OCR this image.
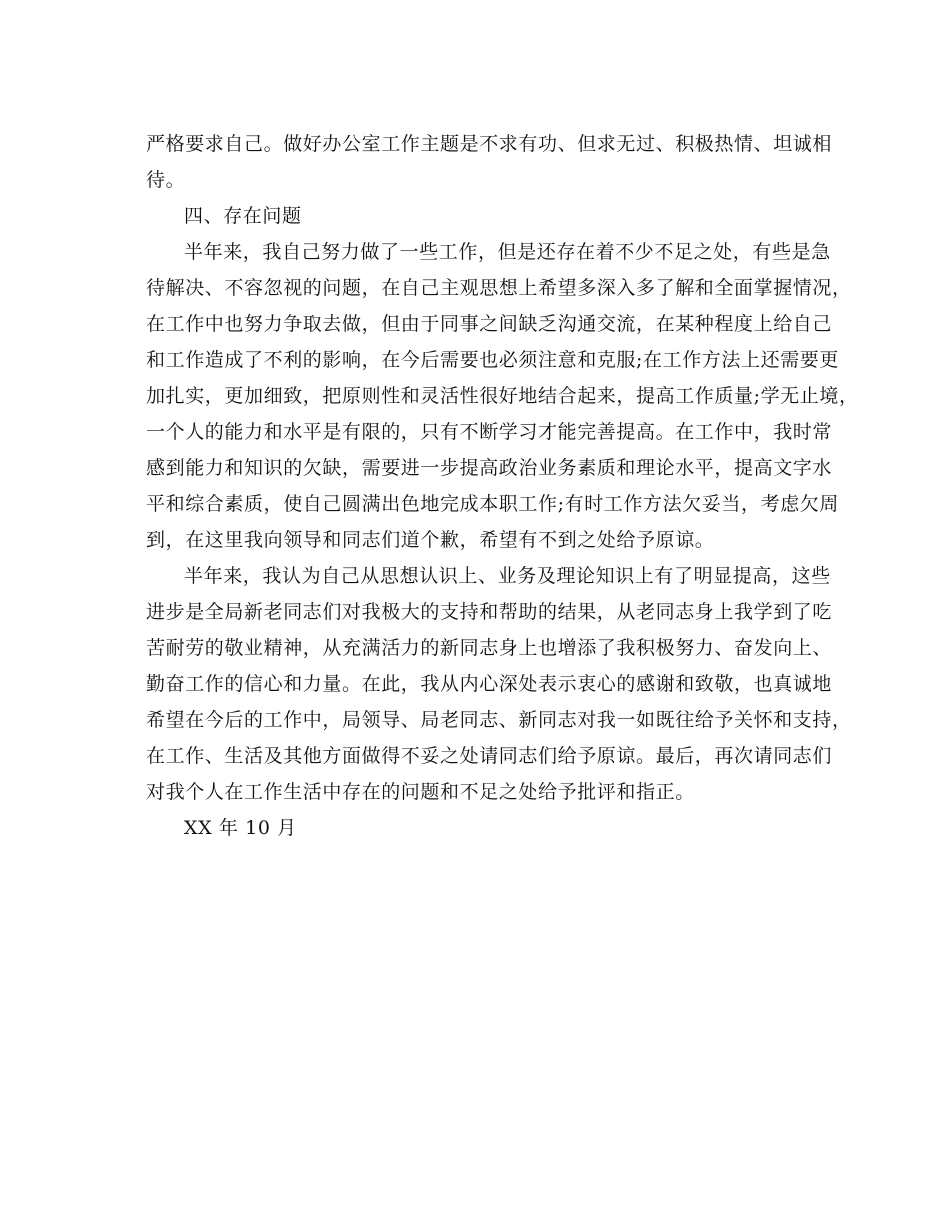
严格要求自己。做好办公室工作主题是不求有功、但求无过、积极热情、坦诚相
待。
四、存在问题
半年来，我自己努力做了一些工作，但是还存在着不少不足之处，有些是急
待解决、不容忽视的问题，在自己主观思想上希望多深入多了解和全面掌握情况，
在工作中也努力争取去做，但由于同事之间缺乏沟通交流，在某种程度上给自己
和工作造成了不利的影响，在今后需要也必须注意和克服;在工作方法上还需要更
加扎实，更加细致，把原则性和灵活性很好地结合起来，提高工作质量;学无止境，
一个人的能力和水平是有限的，只有不断学习才能完善提高。在工作中，我时常
感到能力和知识的欠缺，需要进一步提高政治业务素质和理论水平，提高文字水
平和综合素质，使自己圆满出色地完成本职工作;有时工作方法欠妥当，考虑欠周
到，在这里我向领导和同志们道个歉，希望有不到之处给予原谅。
半年来，我认为自己从思想认识上、业务及理论知识上有了明显提高，这些
进步是全局新老同志们对我极大的支持和帮助的结果，从老同志身上我学到了吃
苦耐劳的敬业精神，从充满活力的新同志身上也增添了我积极努力、奋发向上、
勤奋工作的信心和力量。在此，我从内心深处表示衷心的感谢和致敬，也真诚地
希望在今后的工作中，局领导、局老同志、新同志对我一如既往给予关怀和支持，
在工作、生活及其他方面做得不妥之处请同志们给予原谅。最后，再次请同志们
对我个人在工作生活中存在的问题和不足之处给予批评和指正。
XX 年 10 月
